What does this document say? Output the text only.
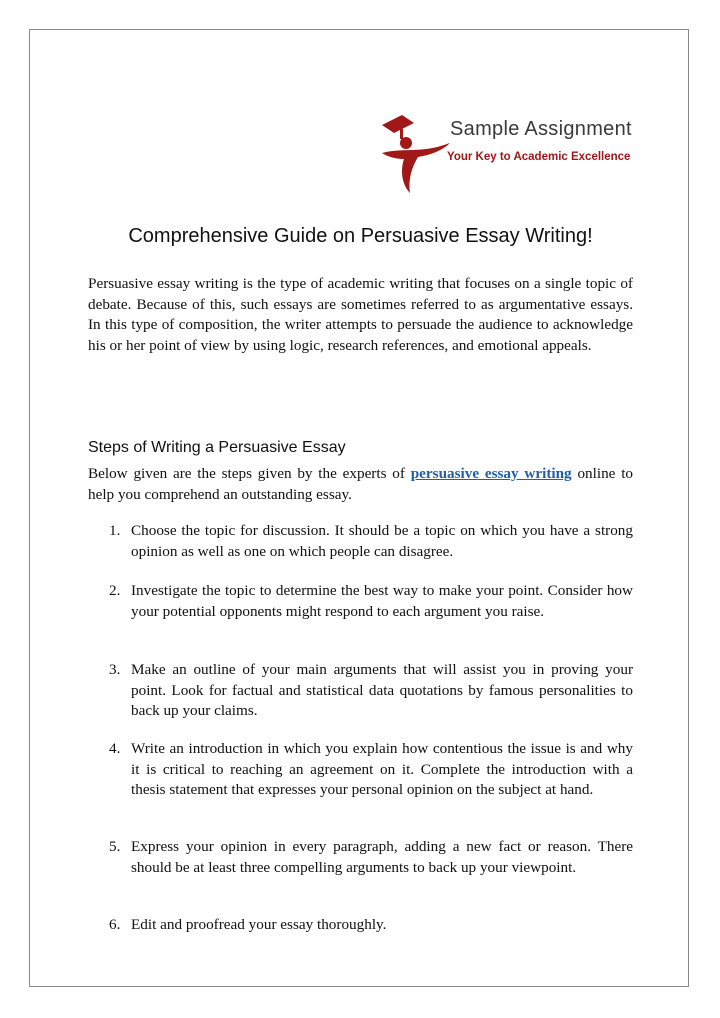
Sample Assignment
Your Key to Academic Excellence
Comprehensive Guide on Persuasive Essay Writing!

Persuasive essay writing is the type of academic writing that focuses on a single topic of debate. Because of this, such essays are sometimes referred to as argumentative essays. In this type of composition, the writer attempts to persuade the audience to acknowledge his or her point of view by using logic, research references, and emotional appeals.

Steps of Writing a Persuasive Essay

Below given are the steps given by the experts of persuasive essay writing online to help you comprehend an outstanding essay.

1. Choose the topic for discussion. It should be a topic on which you have a strong opinion as well as one on which people can disagree.
2. Investigate the topic to determine the best way to make your point. Consider how your potential opponents might respond to each argument you raise.
3. Make an outline of your main arguments that will assist you in proving your point. Look for factual and statistical data quotations by famous personalities to back up your claims.
4. Write an introduction in which you explain how contentious the issue is and why it is critical to reaching an agreement on it. Complete the introduction with a thesis statement that expresses your personal opinion on the subject at hand.
5. Express your opinion in every paragraph, adding a new fact or reason. There should be at least three compelling arguments to back up your viewpoint.
6. Edit and proofread your essay thoroughly.
